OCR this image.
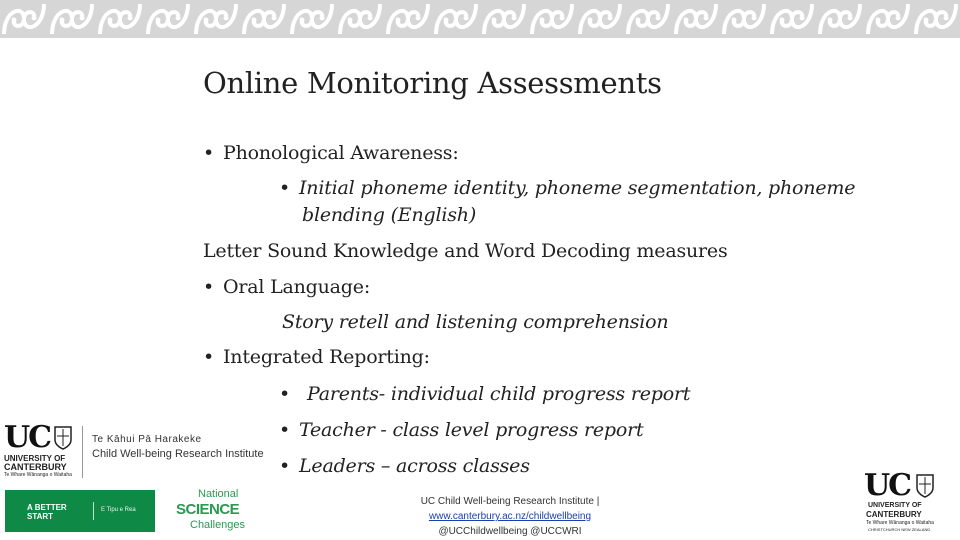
Online Monitoring Assessments
• Phonological Awareness:
• Initial phoneme identity, phoneme segmentation, phoneme
blending (English)
Letter Sound Knowledge and Word Decoding measures
• Oral Language:
Story retell and listening comprehension
• Integrated Reporting:
• Parents- individual child progress report
• Teacher - class level progress report
• Leaders – across classes
UC
UNIVERSITY OF
CANTERBURY
Te Whare Wānanga o Waitaha
Te Kāhui Pā Harakeke
Child Well-being Research Institute
A BETTER
START
E Tipu e Rea
National
SCIENCE
Challenges
UC Child Well-being Research Institute | www.canterbury.ac.nz/childwellbeing
@UCChildwellbeing @UCCWRI
UC
UNIVERSITY OF
CANTERBURY
Te Whare Wānanga o Waitaha
CHRISTCHURCH NEW ZEALAND
